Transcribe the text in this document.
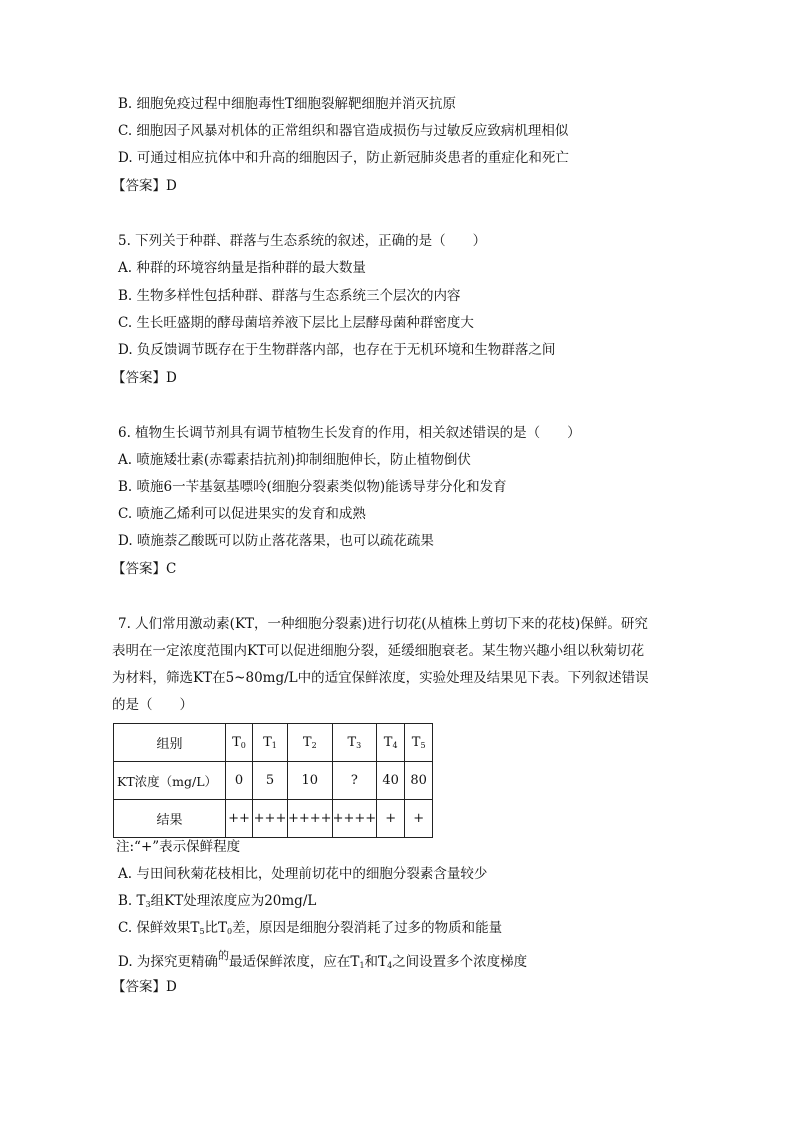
B. 细胞免疫过程中细胞毒性T细胞裂解靶细胞并消灭抗原
C. 细胞因子风暴对机体的正常组织和器官造成损伤与过敏反应致病机理相似
D. 可通过相应抗体中和升高的细胞因子，防止新冠肺炎患者的重症化和死亡
【答案】D
5. 下列关于种群、群落与生态系统的叙述，正确的是（　　）
A. 种群的环境容纳量是指种群的最大数量
B. 生物多样性包括种群、群落与生态系统三个层次的内容
C. 生长旺盛期的酵母菌培养液下层比上层酵母菌种群密度大
D. 负反馈调节既存在于生物群落内部，也存在于无机环境和生物群落之间
【答案】D
6. 植物生长调节剂具有调节植物生长发育的作用，相关叙述错误的是（　　）
A. 喷施矮壮素(赤霉素拮抗剂)抑制细胞伸长，防止植物倒伏
B. 喷施6一苄基氨基嘌呤(细胞分裂素类似物)能诱导芽分化和发育
C. 喷施乙烯利可以促进果实的发育和成熟
D. 喷施萘乙酸既可以防止落花落果，也可以疏花疏果
【答案】C
7. 人们常用激动素(KT，一种细胞分裂素)进行切花(从植株上剪切下来的花枝)保鲜。研究
表明在一定浓度范围内KT可以促进细胞分裂，延缓细胞衰老。某生物兴趣小组以秋菊切花
为材料，筛选KT在5~80mg/L中的适宜保鲜浓度，实验处理及结果见下表。下列叙述错误
的是（　　）
组别	$T_0$	$T_1$	$T_2$	$T_3$	$T_4$	$T_5$
KT浓度（mg/L）	0	5	10	?	40	80
结果	++	+++	++++	++++	+	+
注:“+”表示保鲜程度
A. 与田间秋菊花枝相比，处理前切花中的细胞分裂素含量较少
B. $T_3$组KT处理浓度应为20mg/L
C. 保鲜效果$T_5$比$T_0$差，原因是细胞分裂消耗了过多的物质和能量
D. 为探究更精确$^的$最适保鲜浓度，应在$T_1$和$T_4$之间设置多个浓度梯度
【答案】D
